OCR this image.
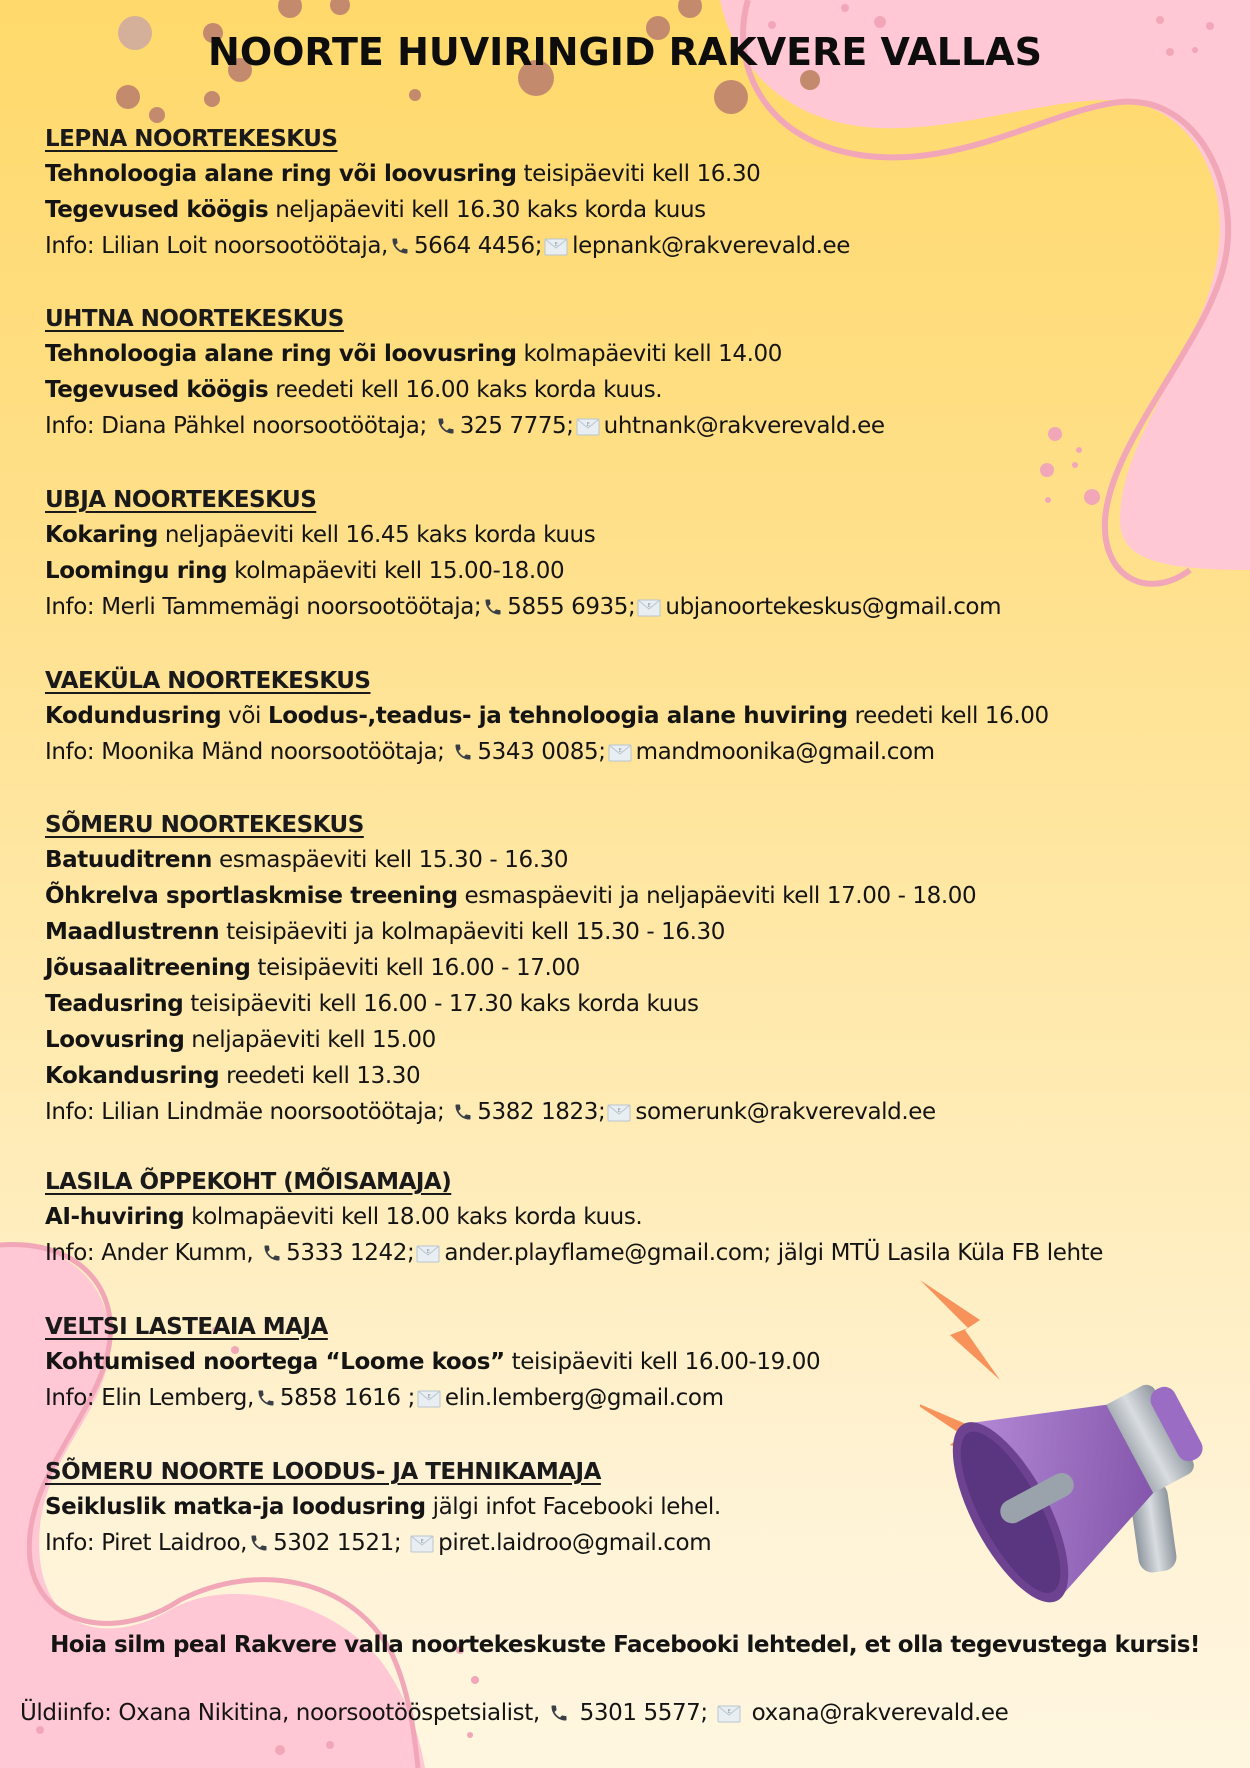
NOORTE HUVIRINGID RAKVERE VALLAS
LEPNA NOORTEKESKUS
Tehnoloogia alane ring või loovusring teisipäeviti kell 16.30
Tegevused köögis neljapäeviti kell 16.30 kaks korda kuus
Info: Lilian Loit noorsootöötaja, 5664 4456;	E lepnank@rakverevald.ee
UHTNA NOORTEKESKUS
Tehnoloogia alane ring või loovusring kolmapäeviti kell 14.00
Tegevused köögis reedeti kell 16.00 kaks korda kuus.
Info: Diana Pähkel noorsootöötaja; 325 7775;	E uhtnank@rakverevald.ee
UBJA NOORTEKESKUS
Kokaring neljapäeviti kell 16.45 kaks korda kuus
Loomingu ring kolmapäeviti kell 15.00-18.00
Info: Merli Tammemägi noorsootöötaja; 5855 6935;	E ubjanoortekeskus@gmail.com
VAEKÜLA NOORTEKESKUS
Kodundusring või Loodus-,teadus- ja tehnoloogia alane huviring reedeti kell 16.00
Info: Moonika Mänd noorsootöötaja; 5343 0085;	E mandmoonika@gmail.com
SÕMERU NOORTEKESKUS
Batuuditrenn esmaspäeviti kell 15.30 - 16.30
Õhkrelva sportlaskmise treening esmaspäeviti ja neljapäeviti kell 17.00 - 18.00
Maadlustrenn teisipäeviti ja kolmapäeviti kell 15.30 - 16.30
Jõusaalitreening teisipäeviti kell 16.00 - 17.00
Teadusring teisipäeviti kell 16.00 - 17.30 kaks korda kuus
Loovusring neljapäeviti kell 15.00
Kokandusring reedeti kell 13.30
Info: Lilian Lindmäe noorsootöötaja; 5382 1823;	E somerunk@rakverevald.ee
LASILA ÕPPEKOHT (MÕISAMAJA)
AI-huviring kolmapäeviti kell 18.00 kaks korda kuus.
Info: Ander Kumm, 5333 1242;	E ander.playflame@gmail.com; jälgi MTÜ Lasila Küla FB lehte
VELTSI LASTEAIA MAJA
Kohtumised noortega “Loome koos” teisipäeviti kell 16.00-19.00
Info: Elin Lemberg, 5858 1616 ;	E elin.lemberg@gmail.com
SÕMERU NOORTE LOODUS- JA TEHNIKAMAJA
Seikluslik matka-ja loodusring jälgi infot Facebooki lehel.
Info: Piret Laidroo, 5302 1521;	E piret.laidroo@gmail.com
Hoia silm peal Rakvere valla noortekeskuste Facebooki lehtedel, et olla tegevustega kursis!
Üldiinfo: Oxana Nikitina, noorsootööspetsialist, 5301 5577;	E oxana@rakverevald.ee
